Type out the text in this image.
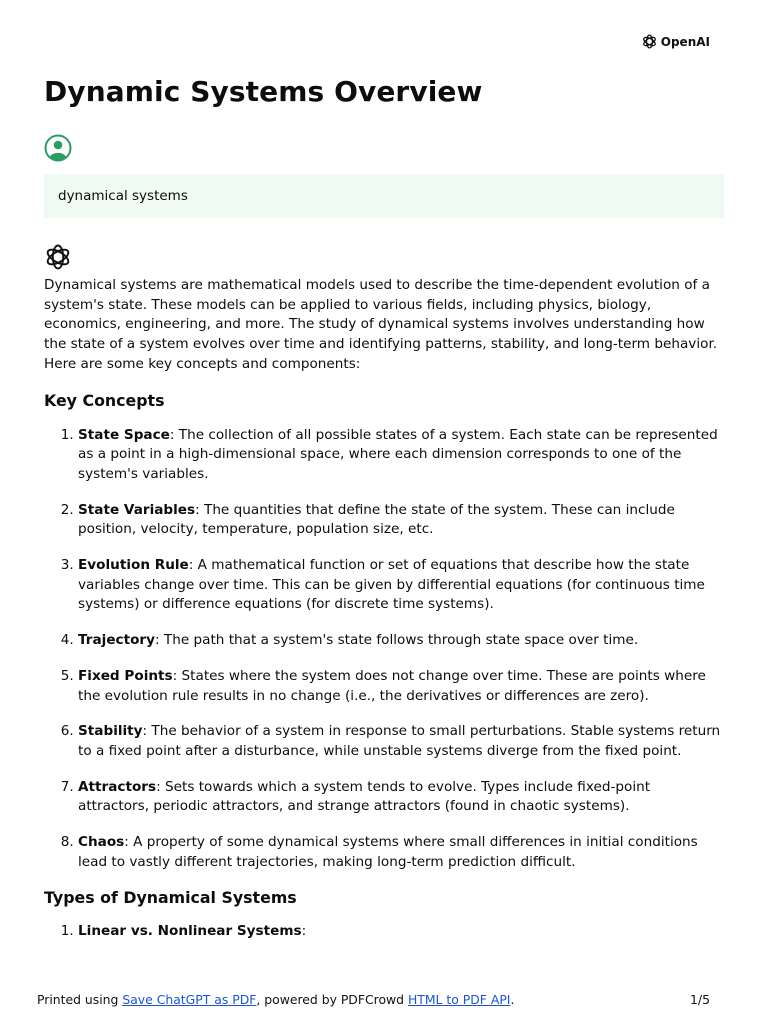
OpenAI
Dynamic Systems Overview
dynamical systems

Dynamical systems are mathematical models used to describe the time-dependent evolution of a system's state. These models can be applied to various fields, including physics, biology, economics, engineering, and more. The study of dynamical systems involves understanding how the state of a system evolves over time and identifying patterns, stability, and long-term behavior. Here are some key concepts and components:

Key Concepts
1. State Space: The collection of all possible states of a system. Each state can be represented as a point in a high-dimensional space, where each dimension corresponds to one of the system's variables.
2. State Variables: The quantities that define the state of the system. These can include position, velocity, temperature, population size, etc.
3. Evolution Rule: A mathematical function or set of equations that describe how the state variables change over time. This can be given by differential equations (for continuous time systems) or difference equations (for discrete time systems).
4. Trajectory: The path that a system's state follows through state space over time.
5. Fixed Points: States where the system does not change over time. These are points where the evolution rule results in no change (i.e., the derivatives or differences are zero).
6. Stability: The behavior of a system in response to small perturbations. Stable systems return to a fixed point after a disturbance, while unstable systems diverge from the fixed point.
7. Attractors: Sets towards which a system tends to evolve. Types include fixed-point attractors, periodic attractors, and strange attractors (found in chaotic systems).
8. Chaos: A property of some dynamical systems where small differences in initial conditions lead to vastly different trajectories, making long-term prediction difficult.
Types of Dynamical Systems
1. Linear vs. Nonlinear Systems:
Printed using Save ChatGPT as PDF, powered by PDFCrowd HTML to PDF API.	1/5
